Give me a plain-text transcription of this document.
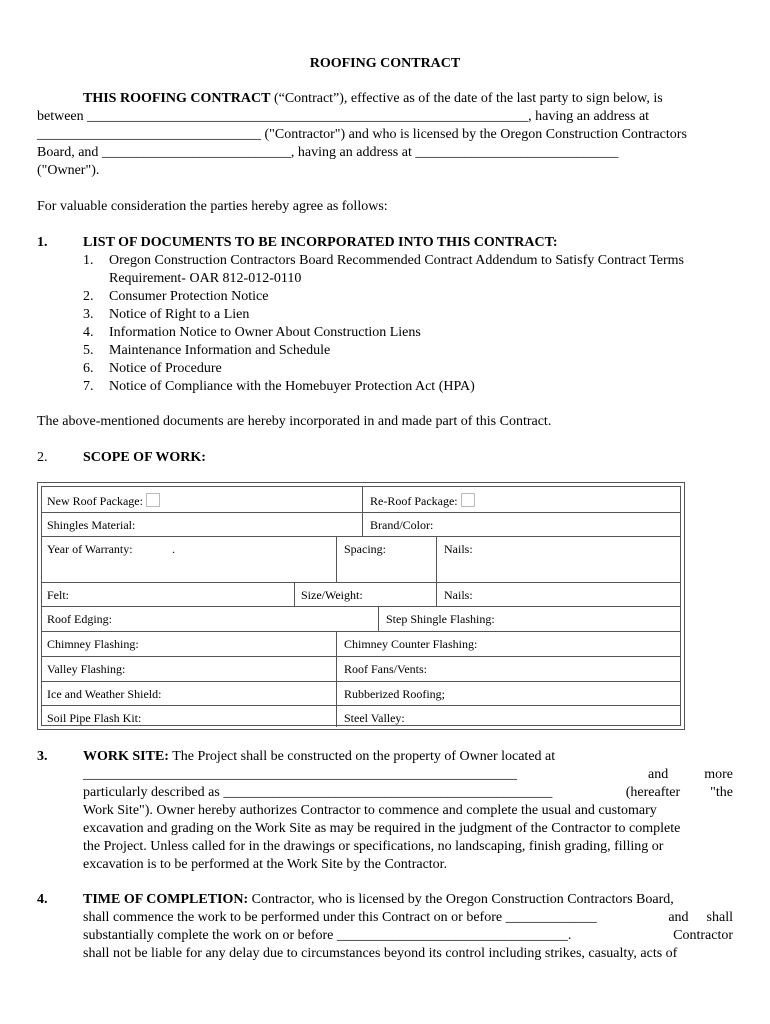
ROOFING CONTRACT
THIS ROOFING CONTRACT (“Contract”), effective as of the date of the last party to sign below, is
between _______________________________________________________________, having an address at
________________________________ ("Contractor") and who is licensed by the Oregon Construction Contractors
Board, and ___________________________, having an address at _____________________________
("Owner").
For valuable consideration the parties hereby agree as follows:
1.	LIST OF DOCUMENTS TO BE INCORPORATED INTO THIS CONTRACT:
1. Oregon Construction Contractors Board Recommended Contract Addendum to Satisfy Contract Terms
Requirement- OAR 812-012-0110
2. Consumer Protection Notice
3. Notice of Right to a Lien
4. Information Notice to Owner About Construction Liens
5. Maintenance Information and Schedule
6. Notice of Procedure
7. Notice of Compliance with the Homebuyer Protection Act (HPA)
The above-mentioned documents are hereby incorporated in and made part of this Contract.
2.	SCOPE OF WORK:
New Roof Package:	Re-Roof Package:
Shingles Material:	Brand/Color:
Year of Warranty:	.	Spacing:	Nails:
Felt:	Size/Weight:	Nails:
Roof Edging:	Step Shingle Flashing:
Chimney Flashing:	Chimney Counter Flashing:
Valley Flashing:	Roof Fans/Vents:
Ice and Weather Shield:	Rubberized Roofing;
Soil Pipe Flash Kit:	Steel Valley:
3.	WORK SITE: The Project shall be constructed on the property of Owner located at
______________________________________________________________	more
and
particularly described as _______________________________________________	"the
(hereafter
Work Site"). Owner hereby authorizes Contractor to commence and complete the usual and customary
excavation and grading on the Work Site as may be required in the judgment of the Contractor to complete
the Project. Unless called for in the drawings or specifications, no landscaping, finish grading, filling or
excavation is to be performed at the Work Site by the Contractor.
4.	TIME OF COMPLETION: Contractor, who is licensed by the Oregon Construction Contractors Board,
shall commence the work to be performed under this Contract on or before _____________	shall
and
substantially complete the work on or before _________________________________.	Contractor
shall not be liable for any delay due to circumstances beyond its control including strikes, casualty, acts of
